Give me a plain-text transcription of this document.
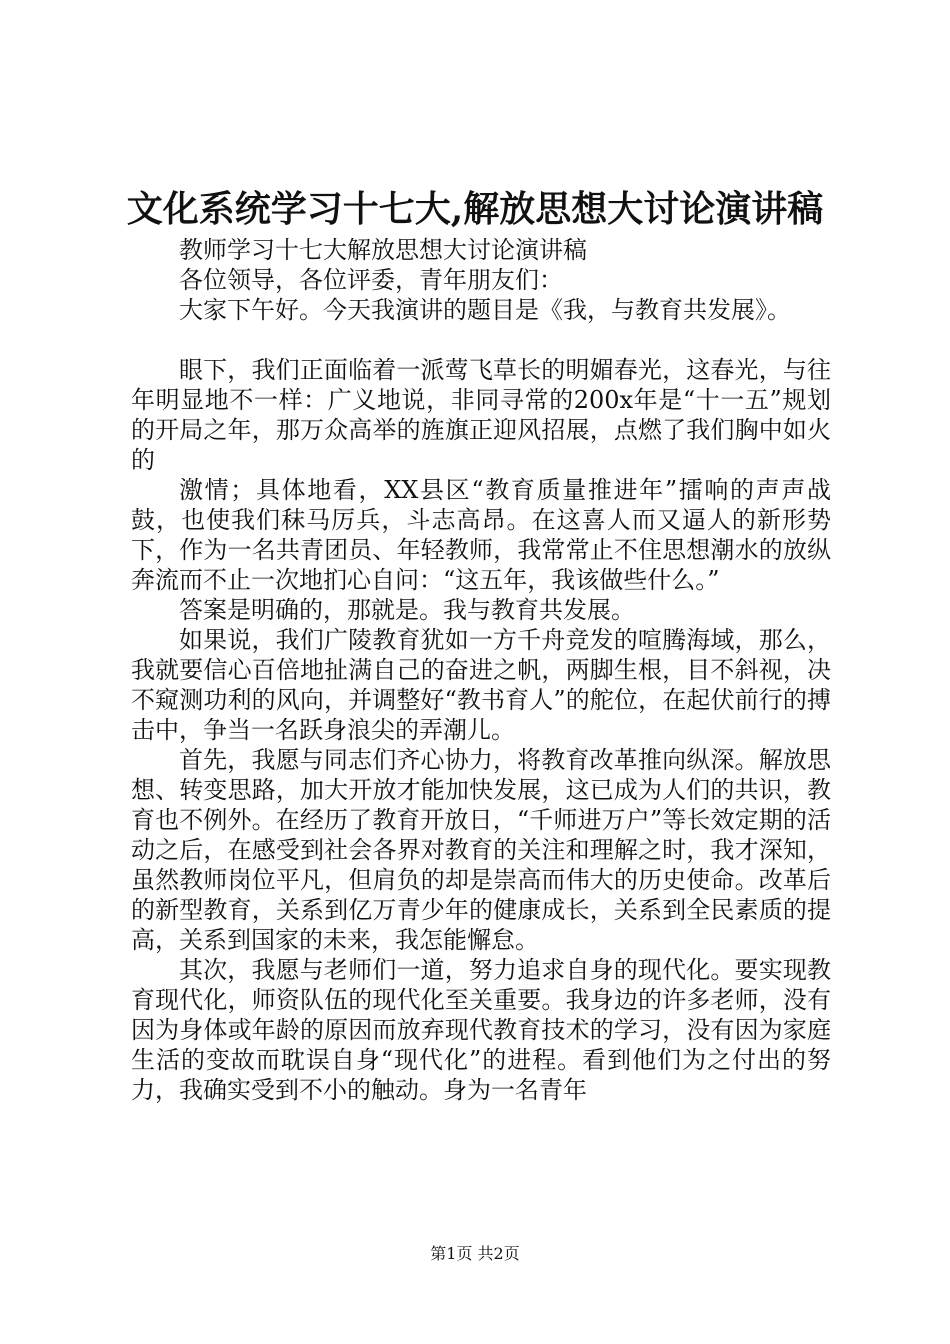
文化系统学习十七大,解放思想大讨论演讲稿

教师学习十七大解放思想大讨论演讲稿

各位领导，各位评委，青年朋友们：

大家下午好。今天我演讲的题目是《我，与教育共发展》。

眼下，我们正面临着一派莺飞草长的明媚春光，这春光，与往年明显地不一样：广义地说，非同寻常的200x年是“十一五”规划的开局之年，那万众高举的旌旗正迎风招展，点燃了我们胸中如火的

激情；具体地看，XX县区“教育质量推进年”擂响的声声战鼓，也使我们秣马厉兵，斗志高昂。在这喜人而又逼人的新形势下，作为一名共青团员、年轻教师，我常常止不住思想潮水的放纵奔流而不止一次地扪心自问：“这五年，我该做些什么。”

答案是明确的，那就是。我与教育共发展。

如果说，我们广陵教育犹如一方千舟竞发的喧腾海域，那么，我就要信心百倍地扯满自己的奋进之帆，两脚生根，目不斜视，决不窥测功利的风向，并调整好“教书育人”的舵位，在起伏前行的搏击中，争当一名跃身浪尖的弄潮儿。

首先，我愿与同志们齐心协力，将教育改革推向纵深。解放思想、转变思路，加大开放才能加快发展，这已成为人们的共识，教育也不例外。在经历了教育开放日，“千师进万户”等长效定期的活动之后，在感受到社会各界对教育的关注和理解之时，我才深知，虽然教师岗位平凡，但肩负的却是崇高而伟大的历史使命。改革后的新型教育，关系到亿万青少年的健康成长，关系到全民素质的提高，关系到国家的未来，我怎能懈怠。

其次，我愿与老师们一道，努力追求自身的现代化。要实现教育现代化，师资队伍的现代化至关重要。我身边的许多老师，没有因为身体或年龄的原因而放弃现代教育技术的学习，没有因为家庭生活的变故而耽误自身“现代化”的进程。看到他们为之付出的努力，我确实受到不小的触动。身为一名青年

第1页 共2页
